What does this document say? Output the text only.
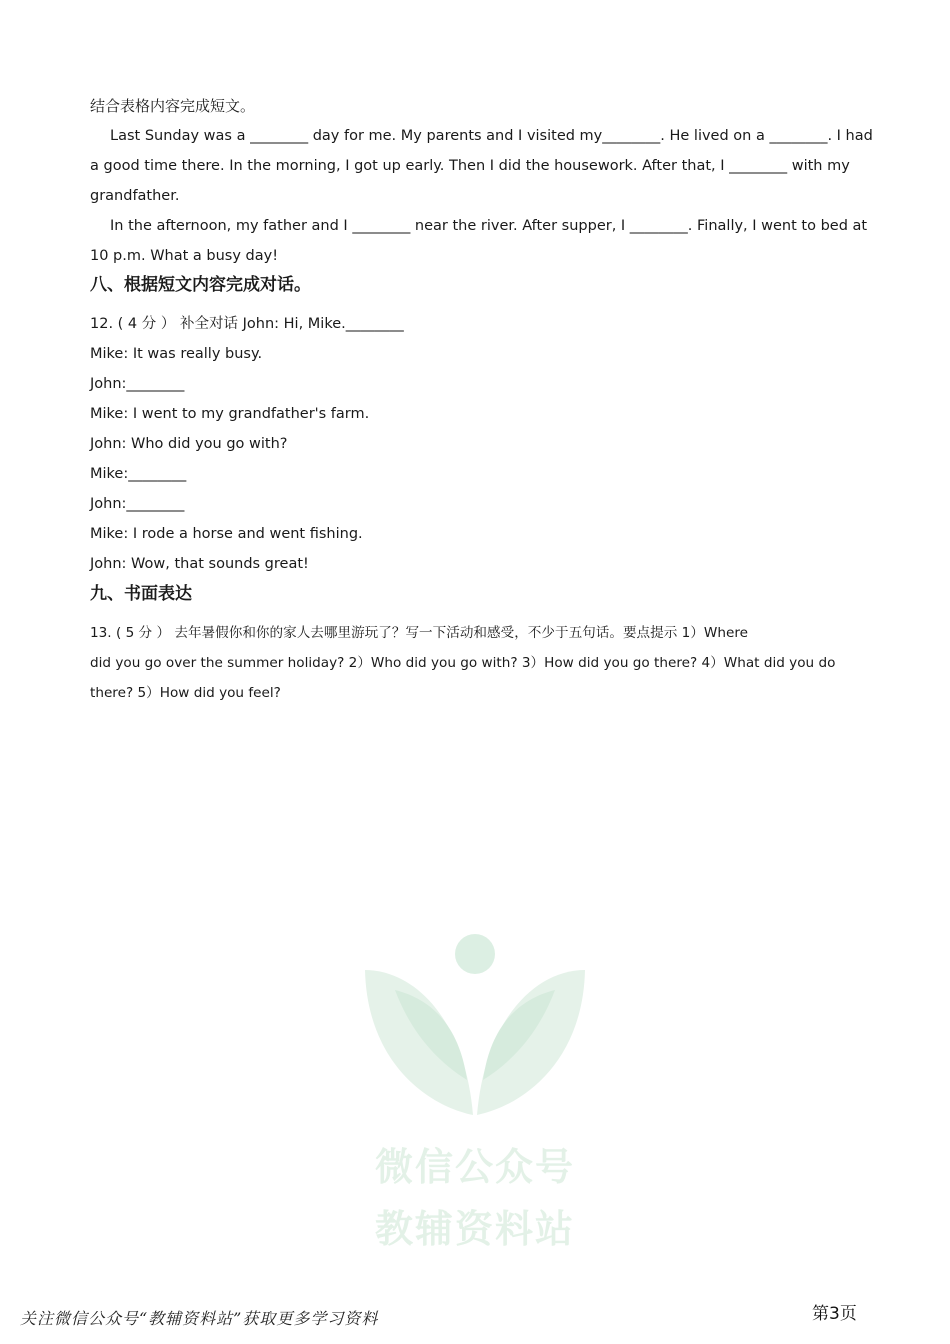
结合表格内容完成短文。
Last Sunday was a ________ day for me. My parents and I visited my________. He lived on a ________. I had
a good time there. In the morning, I got up early. Then I did the housework. After that, I ________ with my
grandfather.
In the afternoon, my father and I ________ near the river. After supper, I ________. Finally, I went to bed at
10 p.m. What a busy day!
八、根据短文内容完成对话。
12. ( 4 分 ） 补全对话 John: Hi, Mike.________
Mike: It was really busy.
John:________
Mike: I went to my grandfather's farm.
John: Who did you go with?
Mike:________
John:________
Mike: I rode a horse and went fishing.
John: Wow, that sounds great!
九、书面表达
13. ( 5 分 ） 去年暑假你和你的家人去哪里游玩了？写一下活动和感受，不少于五句话。要点提示 1）Where
did you go over the summer holiday? 2）Who did you go with? 3）How did you go there? 4）What did you do
there? 5）How did you feel?
微信公众号
教辅资料站
关注微信公众号“教辅资料站”获取更多学习资料	第3页
